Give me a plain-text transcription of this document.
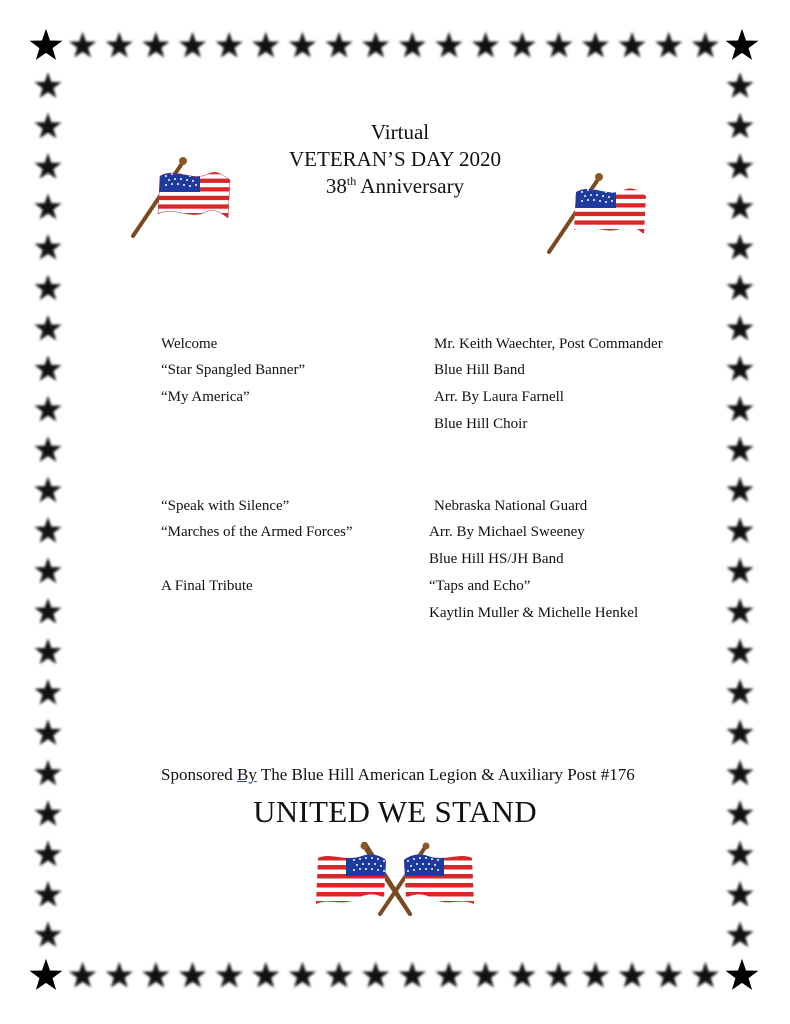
Virtual
VETERAN’S DAY 2020
38th Anniversary
Welcome	Mr. Keith Waechter, Post Commander
“Star Spangled Banner”	Blue Hill Band
“My America”	Arr. By Laura Farnell
Blue Hill Choir
“Speak with Silence”	Nebraska National Guard
“Marches of the Armed Forces”	Arr. By Michael Sweeney
Blue Hill HS/JH Band
A Final Tribute	“Taps and Echo”
Kaytlin Muller & Michelle Henkel
Sponsored By The Blue Hill American Legion & Auxiliary Post #176
UNITED WE STAND
